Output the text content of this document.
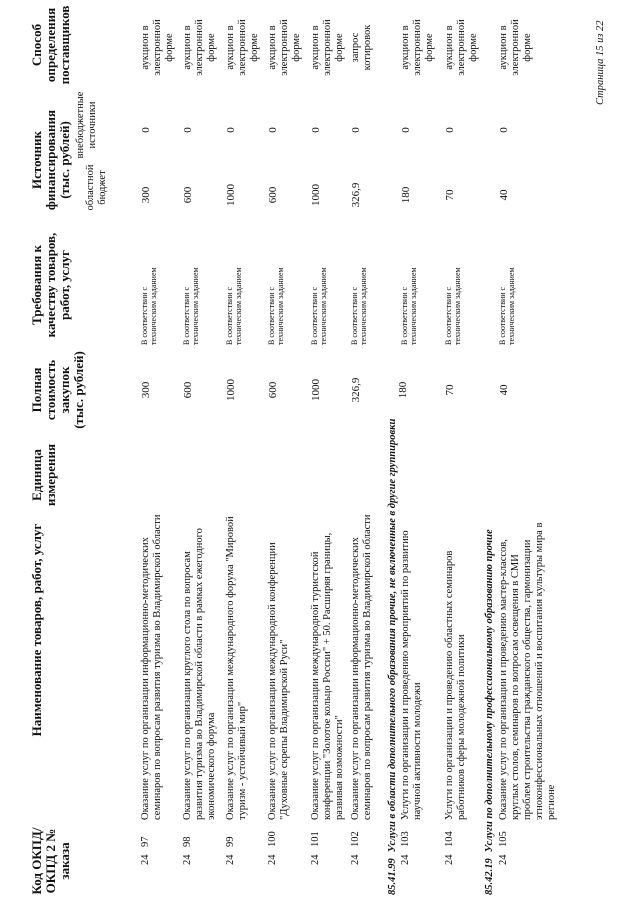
Код ОКПД/ ОКПД 2 № заказа
Наименование товаров, работ, услуг
Единица измерения
Полная стоимость закупок (тыс. рублей)
Требования к качеству товаров, работ, услуг
Источник финансирования (тыс. рублей) областной бюджет
внебюджетные источники
Способ определения поставщиков
24
97
Оказание услуг по организации информационно-методических семинаров по вопросам развития туризма во Владимирской области
300
В соответствии с техническим заданием
300
0
аукцион в электронной форме
24
98
Оказание услуг по организации круглого стола по вопросам развития туризма во Владимирской области в рамках ежегодного экономического форума
600
В соответствии с техническим заданием
600
0
аукцион в электронной форме
24
99
Оказание услуг по организации международного форума "Мировой туризм - устойчивый мир"
1000
В соответствии с техническим заданием
1000
0
аукцион в электронной форме
24
100
Оказание услуг по организации международной конференции "Духовные скрепы Владимирской Руси"
600
В соответствии с техническим заданием
600
0
аукцион в электронной форме
24
101
Оказание услуг по организации международной туристской конференции "Золотое кольцо России" + 50. Расширяя границы, развивая возможности"
1000
В соответствии с техническим заданием
1000
0
аукцион в электронной форме
24
102
Оказание услуг по организации информационно-методических семинаров по вопросам развития туризма во Владимирской области
326,9
В соответствии с техническим заданием
326,9
0
запрос котировок
85.41.99Услуги в области дополнительного образования прочие, не включенные в другие группировки
24
103
Услуги по организации и проведению мероприятий по развитию научной активности молодежи
180
В соответствии с техническим заданием
180
0
аукцион в электронной форме
24
104
Услуги по организации и проведению областных семинаров работников сферы молодежной политики
70
В соответствии с техническим заданием
70
0
аукцион в электронной форме
85.42.19Услуги по дополнительному профессиональному образованию прочие
24
105
Оказание услуг по организации и проведению мастер-классов, круглых столов, семинаров по вопросам освещения в СМИ проблем строительства гражданского общества, гармонизации этноконфессиональных отношений и воспитания культуры мира в регионе
40
В соответствии с техническим заданием
40
0
аукцион в электронной форме	Страница 15 из 22
